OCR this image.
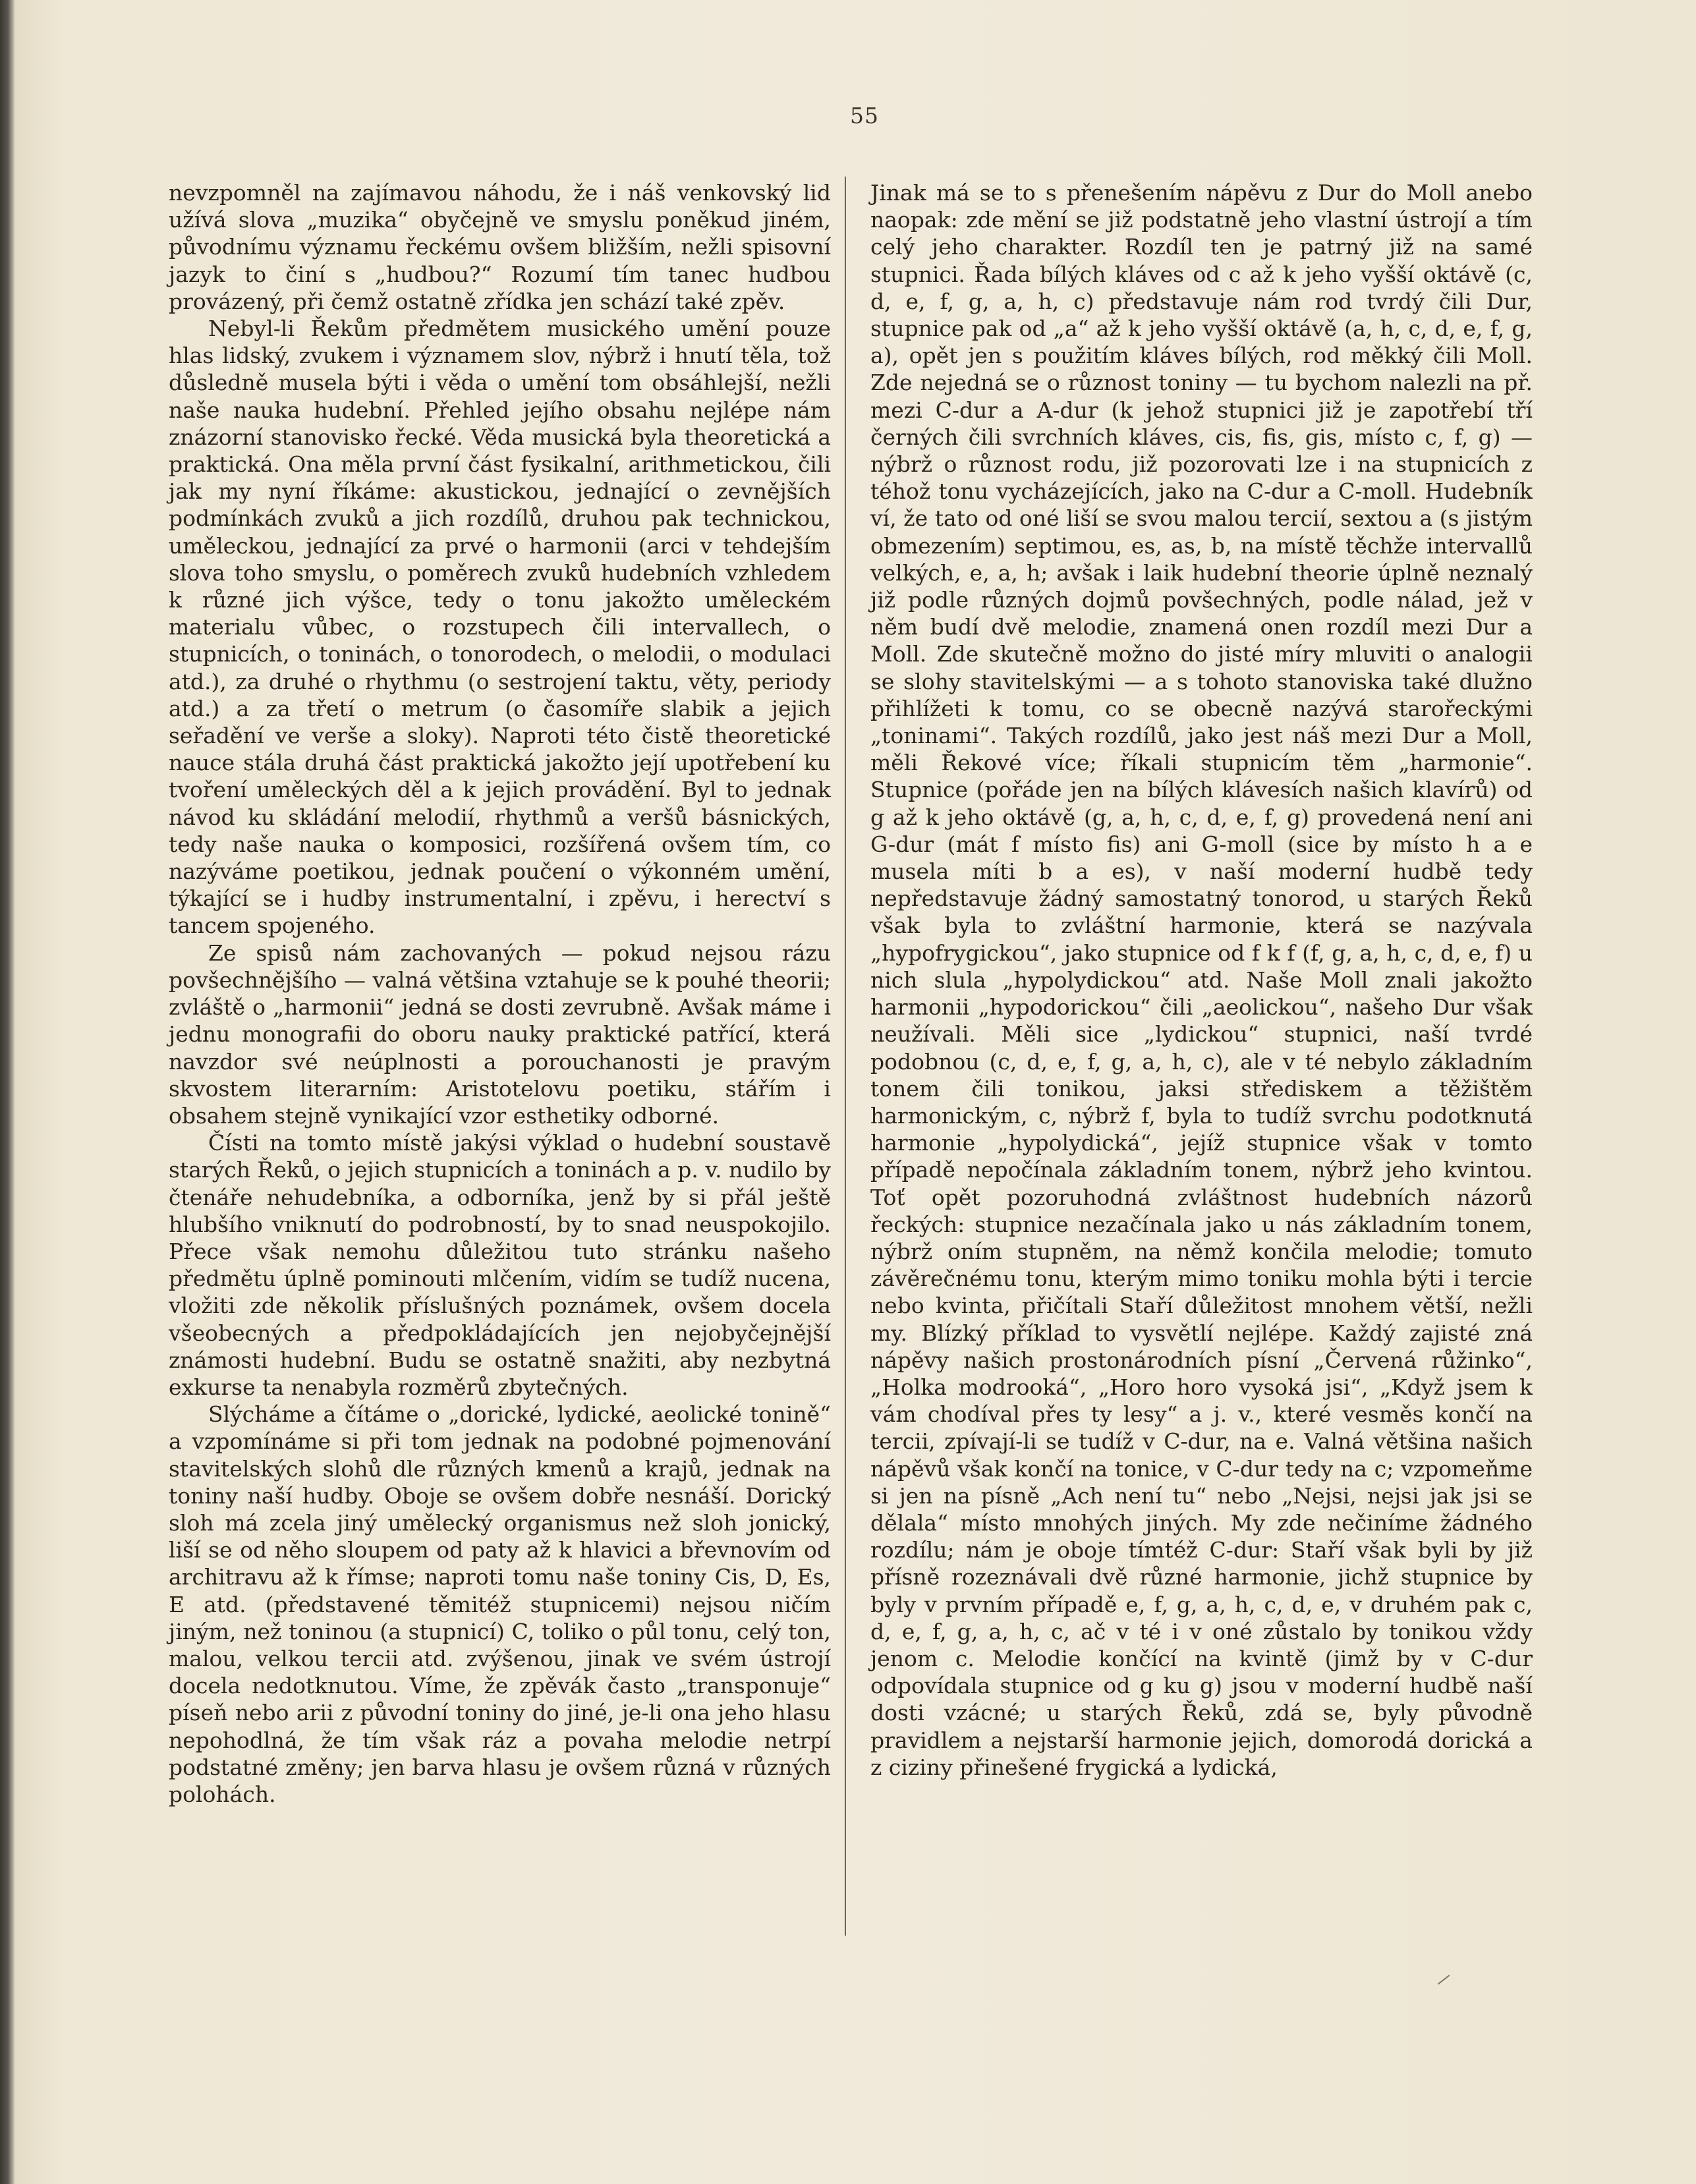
55

nevzpomněl na zajímavou náhodu, že i náš venkovský lid užívá slova „muzika“ obyčejně ve smyslu poněkud jiném, původnímu významu řeckému ovšem bližším, nežli spisovní jazyk to činí s „hudbou?“ Rozumí tím tanec hudbou provázený, při čemž ostatně zřídka jen schází také zpěv.

Nebyl-li Řekům předmětem musického umění pouze hlas lidský, zvukem i významem slov, nýbrž i hnutí těla, tož důsledně musela býti i věda o umění tom obsáhlejší, nežli naše nauka hudební. Přehled jejího obsahu nejlépe nám znázorní stanovisko řecké. Věda musická byla theoretická a praktická. Ona měla první část fysikalní, arithmetickou, čili jak my nyní říkáme: akustickou, jednající o zevnějších podmínkách zvuků a jich rozdílů, druhou pak technickou, uměleckou, jednající za prvé o harmonii (arci v tehdejším slova toho smyslu, o poměrech zvuků hudebních vzhledem k různé jich výšce, tedy o tonu jakožto uměleckém materialu vůbec, o rozstupech čili intervallech, o stupnicích, o toninách, o tonorodech, o melodii, o modulaci atd.), za druhé o rhythmu (o sestrojení taktu, věty, periody atd.) a za třetí o metrum (o časomíře slabik a jejich seřadění ve verše a sloky). Naproti této čistě theoretické nauce stála druhá část praktická jakožto její upotřebení ku tvoření uměleckých děl a k jejich provádění. Byl to jednak návod ku skládání melodií, rhythmů a veršů básnických, tedy naše nauka o komposici, rozšířená ovšem tím, co nazýváme poetikou, jednak poučení o výkonném umění, týkající se i hudby instrumentalní, i zpěvu, i herectví s tancem spojeného.

Ze spisů nám zachovaných — pokud nejsou rázu povšechnějšího — valná většina vztahuje se k pouhé theorii; zvláště o „harmonii“ jedná se dosti zevrubně. Avšak máme i jednu monografii do oboru nauky praktické patřící, která navzdor své neúplnosti a porouchanosti je pravým skvostem literarním: Aristotelovu poetiku, stářím i obsahem stejně vynikající vzor esthetiky odborné.

Čísti na tomto místě jakýsi výklad o hudební soustavě starých Řeků, o jejich stupnicích a toninách a p. v. nudilo by čtenáře nehudebníka, a odborníka, jenž by si přál ještě hlubšího vniknutí do podrobností, by to snad neuspokojilo. Přece však nemohu důležitou tuto stránku našeho předmětu úplně pominouti mlčením, vidím se tudíž nucena, vložiti zde několik příslušných poznámek, ovšem docela všeobecných a předpokládajících jen nejobyčejnější známosti hudební. Budu se ostatně snažiti, aby nezbytná exkurse ta nenabyla rozměrů zbytečných.

Slýcháme a čítáme o „dorické, lydické, aeolické tonině“ a vzpomínáme si při tom jednak na podobné pojmenování stavitelských slohů dle různých kmenů a krajů, jednak na toniny naší hudby. Oboje se ovšem dobře nesnáší. Dorický sloh má zcela jiný umělecký organismus než sloh jonický, liší se od něho sloupem od paty až k hlavici a břevnovím od architravu až k římse; naproti tomu naše toniny Cis, D, Es, E atd. (představené těmitéž stupnicemi) nejsou ničím jiným, než toninou (a stupnicí) C, toliko o půl tonu, celý ton, malou, velkou tercii atd. zvýšenou, jinak ve svém ústrojí docela nedotknutou. Víme, že zpěvák často „transponuje“ píseň nebo arii z původní toniny do jiné, je-li ona jeho hlasu nepohodlná, že tím však ráz a povaha melodie netrpí podstatné změny; jen barva hlasu je ovšem různá v různých polohách.

Jinak má se to s přenešením nápěvu z Dur do Moll anebo naopak: zde mění se již podstatně jeho vlastní ústrojí a tím celý jeho charakter. Rozdíl ten je patrný již na samé stupnici. Řada bílých kláves od c až k jeho vyšší oktávě (c, d, e, f, g, a, h, c) představuje nám rod tvrdý čili Dur, stupnice pak od „a“ až k jeho vyšší oktávě (a, h, c, d, e, f, g, a), opět jen s použitím kláves bílých, rod měkký čili Moll. Zde nejedná se o různost toniny — tu bychom nalezli na př. mezi C-dur a A-dur (k jehož stupnici již je zapotřebí tří černých čili svrchních kláves, cis, fis, gis, místo c, f, g) — nýbrž o různost rodu, již pozorovati lze i na stupnicích z téhož tonu vycházejících, jako na C-dur a C-moll. Hudebník ví, že tato od oné liší se svou malou tercií, sextou a (s jistým obmezením) septimou, es, as, b, na místě těchže intervallů velkých, e, a, h; avšak i laik hudební theorie úplně neznalý již podle různých dojmů povšechných, podle nálad, jež v něm budí dvě melodie, znamená onen rozdíl mezi Dur a Moll. Zde skutečně možno do jisté míry mluviti o analogii se slohy stavitelskými — a s tohoto stanoviska také dlužno přihlížeti k tomu, co se obecně nazývá starořeckými „toninami“. Takých rozdílů, jako jest náš mezi Dur a Moll, měli Řekové více; říkali stupnicím těm „harmonie“. Stupnice (pořáde jen na bílých klávesích našich klavírů) od g až k jeho oktávě (g, a, h, c, d, e, f, g) provedená není ani G-dur (mát f místo fis) ani G-moll (sice by místo h a e musela míti b a es), v naší moderní hudbě tedy nepředstavuje žádný samostatný tonorod, u starých Řeků však byla to zvláštní harmonie, která se nazývala „hypofrygickou“, jako stupnice od f k f (f, g, a, h, c, d, e, f) u nich slula „hypolydickou“ atd. Naše Moll znali jakožto harmonii „hypodorickou“ čili „aeolickou“, našeho Dur však neužívali. Měli sice „lydickou“ stupnici, naší tvrdé podobnou (c, d, e, f, g, a, h, c), ale v té nebylo základním tonem čili tonikou, jaksi střediskem a těžištěm harmonickým, c, nýbrž f, byla to tudíž svrchu podotknutá harmonie „hypolydická“, jejíž stupnice však v tomto případě nepočínala základním tonem, nýbrž jeho kvintou. Toť opět pozoruhodná zvláštnost hudebních názorů řeckých: stupnice nezačínala jako u nás základním tonem, nýbrž oním stupněm, na němž končila melodie; tomuto závěrečnému tonu, kterým mimo toniku mohla býti i tercie nebo kvinta, přičítali Staří důležitost mnohem větší, nežli my. Blízký příklad to vysvětlí nejlépe. Každý zajisté zná nápěvy našich prostonárodních písní „Červená růžinko“, „Holka modrooká“, „Horo horo vysoká jsi“, „Když jsem k vám chodíval přes ty lesy“ a j. v., které vesměs končí na tercii, zpívají-li se tudíž v C-dur, na e. Valná většina našich nápěvů však končí na tonice, v C-dur tedy na c; vzpomeňme si jen na písně „Ach není tu“ nebo „Nejsi, nejsi jak jsi se dělala“ místo mnohých jiných. My zde nečiníme žádného rozdílu; nám je oboje tímtéž C-dur: Staří však byli by již přísně rozeznávali dvě různé harmonie, jichž stupnice by byly v prvním případě e, f, g, a, h, c, d, e, v druhém pak c, d, e, f, g, a, h, c, ač v té i v oné zůstalo by tonikou vždy jenom c. Melodie končící na kvintě (jimž by v C-dur odpovídala stupnice od g ku g) jsou v moderní hudbě naší dosti vzácné; u starých Řeků, zdá se, byly původně pravidlem a nejstarší harmonie jejich, domorodá dorická a z ciziny přinešené frygická a lydická,
